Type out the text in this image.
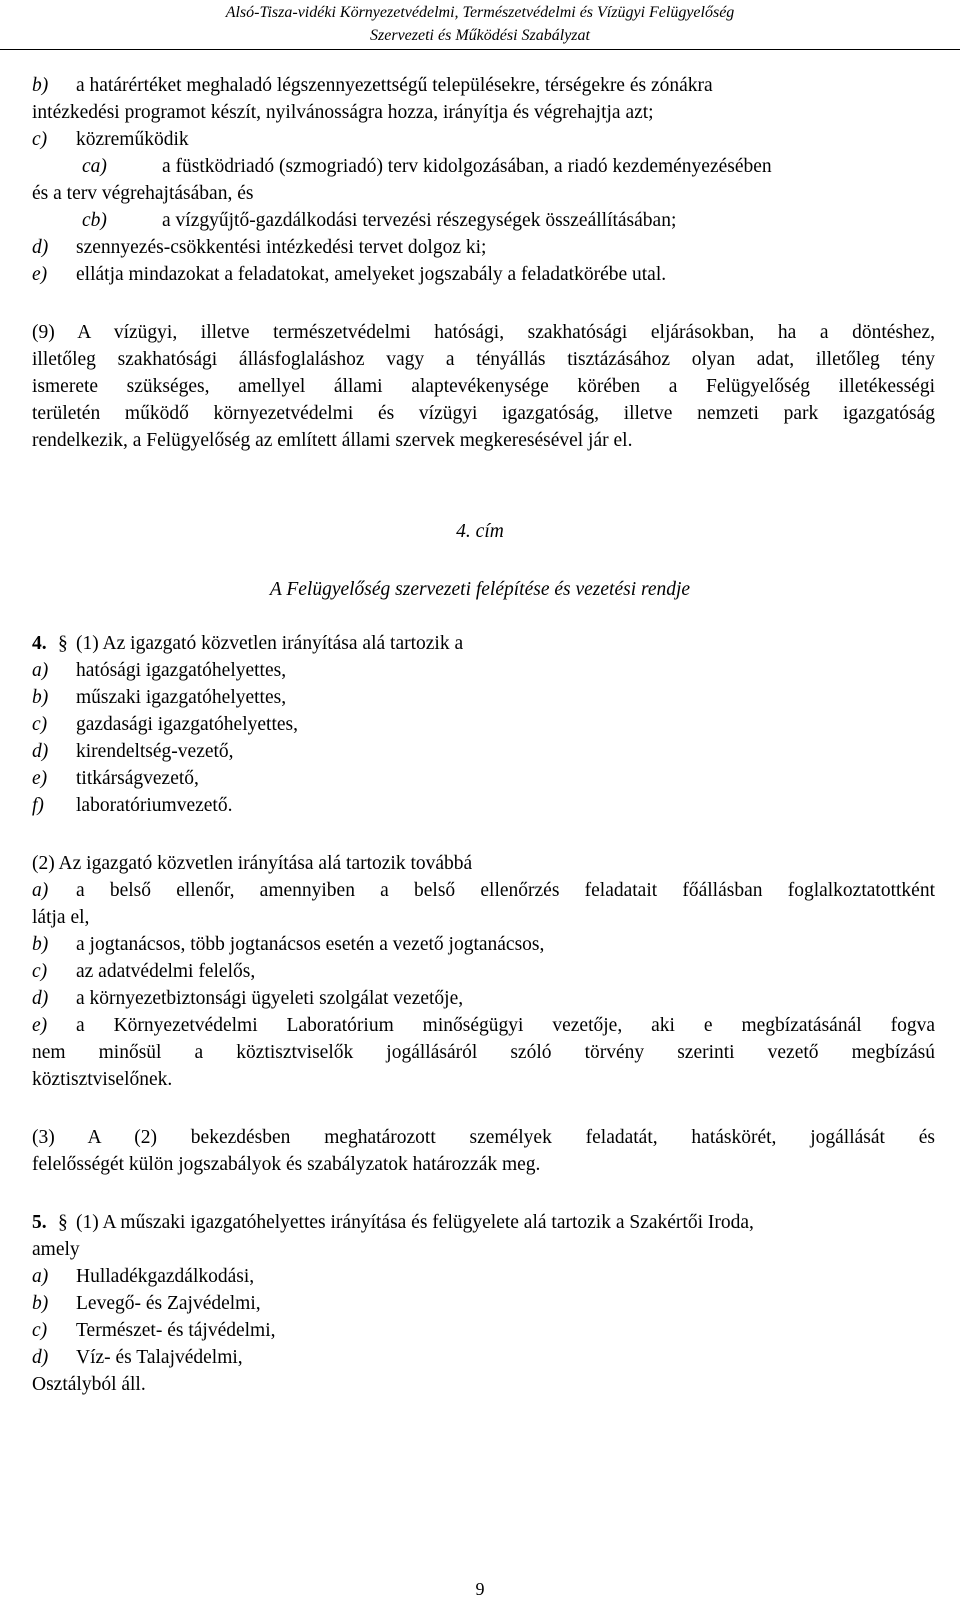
Alsó-Tisza-vidéki Környezetvédelmi, Természetvédelmi és Vízügyi Felügyelőség
Szervezeti és Működési Szabályzat
b) a határértéket meghaladó légszennyezettségű településekre, térségekre és zónákra
intézkedési programot készít, nyilvánosságra hozza, irányítja és végrehajtja azt;
c) közreműködik
ca)	a füstködriadó (szmogriadó) terv kidolgozásában, a riadó kezdeményezésében
és a terv végrehajtásában, és
cb)	a vízgyűjtő-gazdálkodási tervezési részegységek összeállításában;
d) szennyezés-csökkentési intézkedési tervet dolgoz ki;
e) ellátja mindazokat a feladatokat, amelyeket jogszabály a feladatkörébe utal.
(9) A vízügyi, illetve természetvédelmi hatósági, szakhatósági eljárásokban, ha a döntéshez,
illetőleg szakhatósági állásfoglaláshoz vagy a tényállás tisztázásához olyan adat, illetőleg tény
ismerete szükséges, amellyel állami alaptevékenysége körében a Felügyelőség illetékességi
területén működő környezetvédelmi és vízügyi igazgatóság, illetve nemzeti park igazgatóság
rendelkezik, a Felügyelőség az említett állami szervek megkeresésével jár el.
4. cím
A Felügyelőség szervezeti felépítése és vezetési rendje
4. § (1) Az igazgató közvetlen irányítása alá tartozik a
a) hatósági igazgatóhelyettes,
b) műszaki igazgatóhelyettes,
c) gazdasági igazgatóhelyettes,
d) kirendeltség-vezető,
e) titkárságvezető,
f) laboratóriumvezető.
(2) Az igazgató közvetlen irányítása alá tartozik továbbá
a) a belső ellenőr, amennyiben a belső ellenőrzés feladatait főállásban foglalkoztatottként
látja el,
b) a jogtanácsos, több jogtanácsos esetén a vezető jogtanácsos,
c) az adatvédelmi felelős,
d) a környezetbiztonsági ügyeleti szolgálat vezetője,
e) a Környezetvédelmi Laboratórium minőségügyi vezetője, aki e megbízatásánál fogva
nem minősül a köztisztviselők jogállásáról szóló törvény szerinti vezető megbízású
köztisztviselőnek.
(3) A (2) bekezdésben meghatározott személyek feladatát, hatáskörét, jogállását és
felelősségét külön jogszabályok és szabályzatok határozzák meg.
5. § (1) A műszaki igazgatóhelyettes irányítása és felügyelete alá tartozik a Szakértői Iroda,
amely
a) Hulladékgazdálkodási,
b) Levegő- és Zajvédelmi,
c) Természet- és tájvédelmi,
d) Víz- és Talajvédelmi,
Osztályból áll.
9
